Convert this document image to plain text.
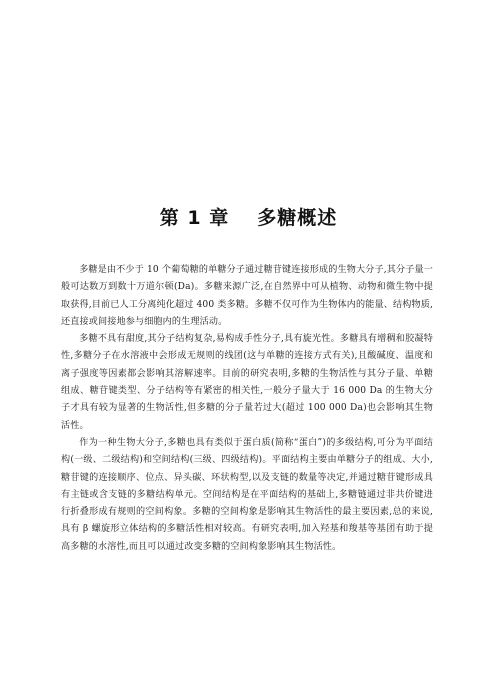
第 1 章 多糖概述

多糖是由不少于 10 个葡萄糖的单糖分子通过糖苷键连接形成的生物大分子,其分子量一般可达数万到数十万道尔顿(Da)。多糖来源广泛,在自然界中可从植物、动物和微生物中提取获得,目前已人工分离纯化超过 400 类多糖。多糖不仅可作为生物体内的能量、结构物质,还直接或间接地参与细胞内的生理活动。

多糖不具有甜度,其分子结构复杂,易构成手性分子,具有旋光性。多糖具有增稠和胶凝特性,多糖分子在水溶液中会形成无规则的线团(这与单糖的连接方式有关),且酸碱度、温度和离子强度等因素都会影响其溶解速率。目前的研究表明,多糖的生物活性与其分子量、单糖组成、糖苷键类型、分子结构等有紧密的相关性,一般分子量大于 16 000 Da 的生物大分子才具有较为显著的生物活性,但多糖的分子量若过大(超过 100 000 Da)也会影响其生物活性。

作为一种生物大分子,多糖也具有类似于蛋白质(简称“蛋白”)的多级结构,可分为平面结构(一级、二级结构)和空间结构(三级、四级结构)。平面结构主要由单糖分子的组成、大小,糖苷键的连接顺序、位点、异头碳、环状构型,以及支链的数量等决定,并通过糖苷键形成具有主链或含支链的多糖结构单元。空间结构是在平面结构的基础上,多糖链通过非共价键进行折叠形成有规则的空间构象。多糖的空间构象是影响其生物活性的最主要因素,总的来说,具有 β 螺旋形立体结构的多糖活性相对较高。有研究表明,加入羟基和羧基等基团有助于提高多糖的水溶性,而且可以通过改变多糖的空间构象影响其生物活性。
